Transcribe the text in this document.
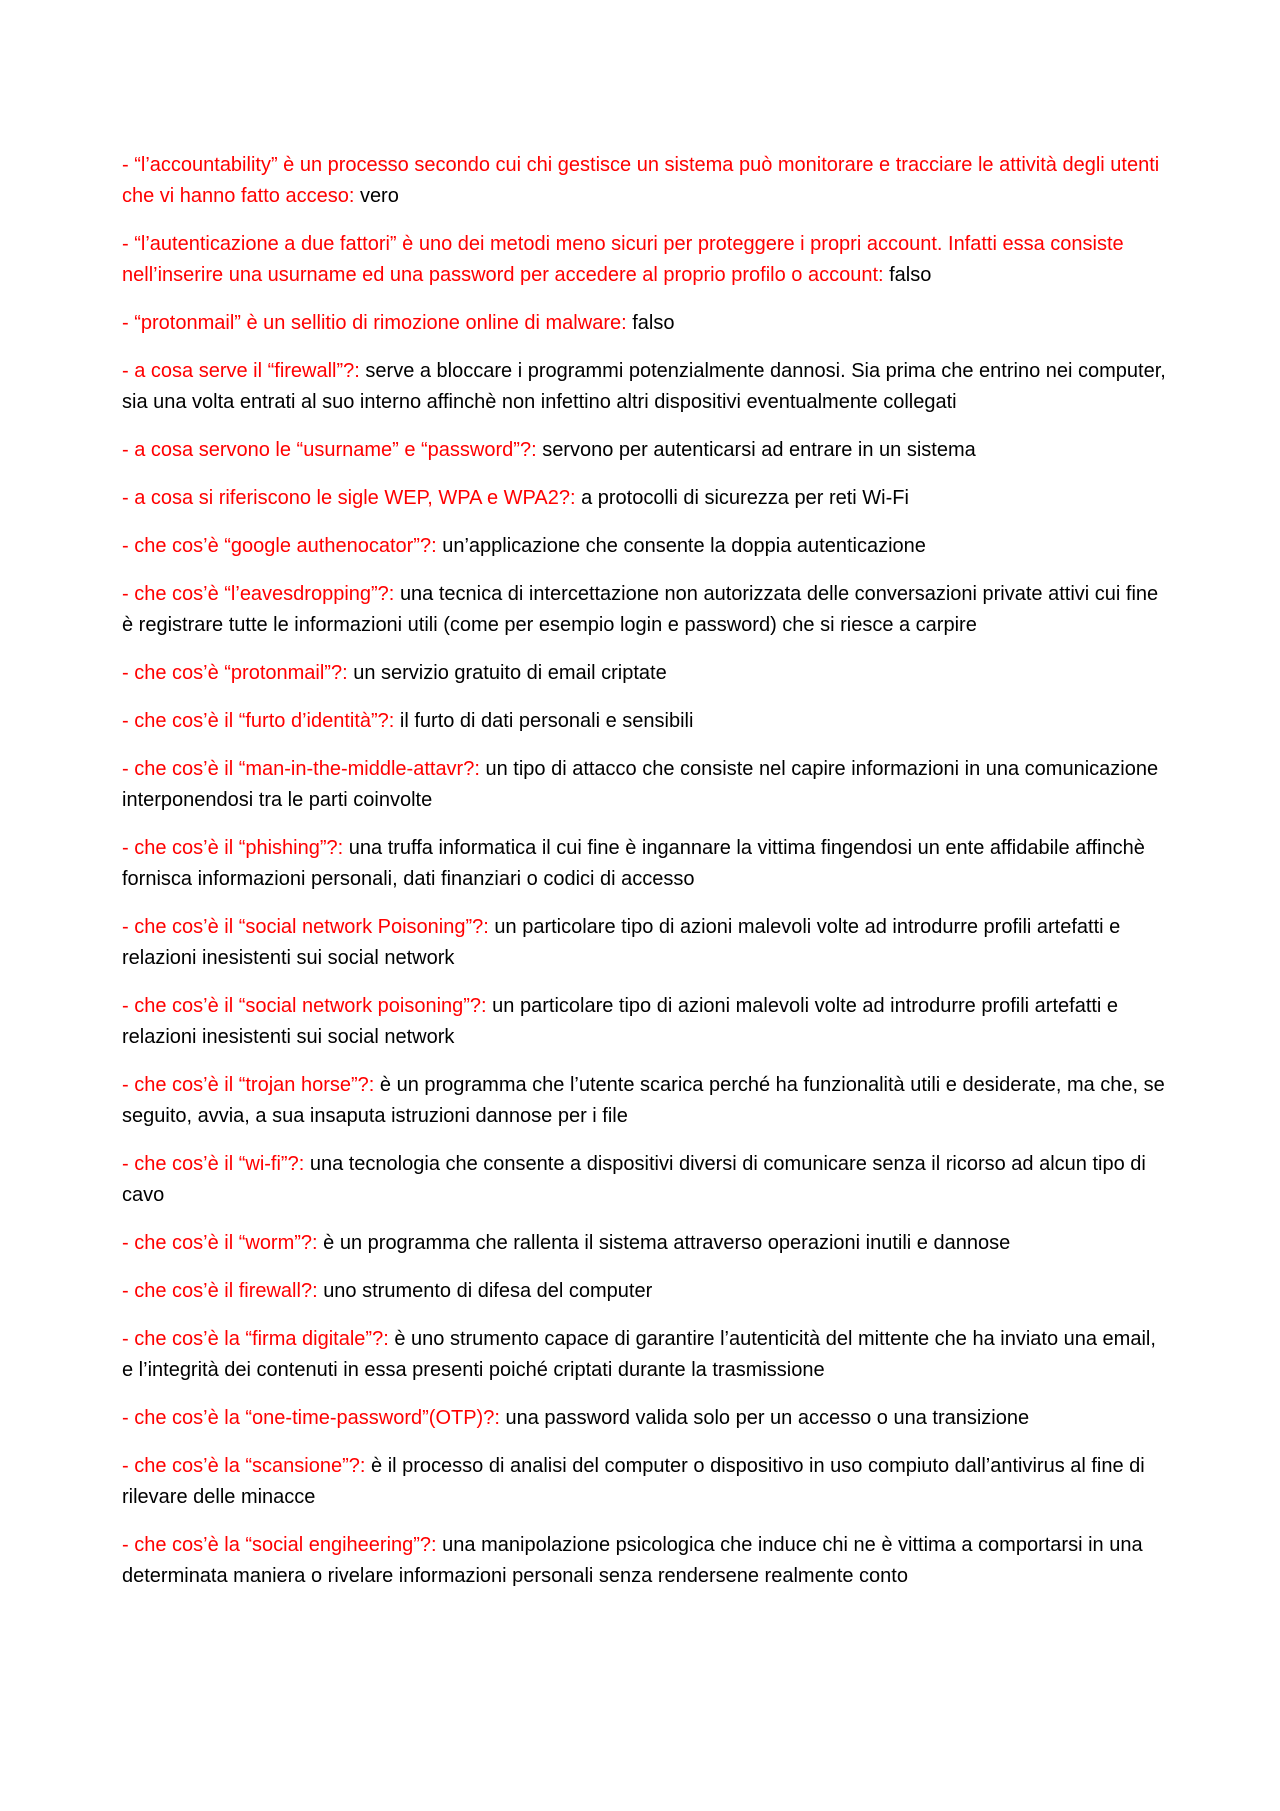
- “l’accountability” è un processo secondo cui chi gestisce un sistema può monitorare e tracciare le attività degli utenti che vi hanno fatto acceso: vero

- “l’autenticazione a due fattori” è uno dei metodi meno sicuri per proteggere i propri account. Infatti essa consiste nell’inserire una usurname ed una password per accedere al proprio profilo o account: falso

- “protonmail” è un sellitio di rimozione online di malware: falso

- a cosa serve il “firewall”?: serve a bloccare i programmi potenzialmente dannosi. Sia prima che entrino nei computer, sia una volta entrati al suo interno affinchè non infettino altri dispositivi eventualmente collegati

- a cosa servono le “usurname” e “password”?: servono per autenticarsi ad entrare in un sistema

- a cosa si riferiscono le sigle WEP, WPA e WPA2?: a protocolli di sicurezza per reti Wi-Fi

- che cos’è “google authenocator”?: un’applicazione che consente la doppia autenticazione

- che cos’è “l’eavesdropping”?: una tecnica di intercettazione non autorizzata delle conversazioni private attivi cui fine è registrare tutte le informazioni utili (come per esempio login e password) che si riesce a carpire

- che cos’è “protonmail”?: un servizio gratuito di email criptate

- che cos’è il “furto d’identità”?: il furto di dati personali e sensibili

- che cos’è il “man-in-the-middle-attavr?: un tipo di attacco che consiste nel capire informazioni in una comunicazione interponendosi tra le parti coinvolte

- che cos’è il “phishing”?: una truffa informatica il cui fine è ingannare la vittima fingendosi un ente affidabile affinchè fornisca informazioni personali, dati finanziari o codici di accesso

- che cos’è il “social network Poisoning”?: un particolare tipo di azioni malevoli volte ad introdurre profili artefatti e relazioni inesistenti sui social network

- che cos’è il “social network poisoning”?: un particolare tipo di azioni malevoli volte ad introdurre profili artefatti e relazioni inesistenti sui social network

- che cos’è il “trojan horse”?: è un programma che l’utente scarica perché ha funzionalità utili e desiderate, ma che, se seguito, avvia, a sua insaputa istruzioni dannose per i file

- che cos’è il “wi-fi”?: una tecnologia che consente a dispositivi diversi di comunicare senza il ricorso ad alcun tipo di cavo

- che cos’è il “worm”?: è un programma che rallenta il sistema attraverso operazioni inutili e dannose

- che cos’è il firewall?: uno strumento di difesa del computer

- che cos’è la “firma digitale”?: è uno strumento capace di garantire l’autenticità del mittente che ha inviato una email, e l’integrità dei contenuti in essa presenti poiché criptati durante la trasmissione

- che cos’è la “one-time-password”(OTP)?: una password valida solo per un accesso o una transizione

- che cos’è la “scansione”?: è il processo di analisi del computer o dispositivo in uso compiuto dall’antivirus al fine di rilevare delle minacce

- che cos’è la “social engiheering”?: una manipolazione psicologica che induce chi ne è vittima a comportarsi in una determinata maniera o rivelare informazioni personali senza rendersene realmente conto
